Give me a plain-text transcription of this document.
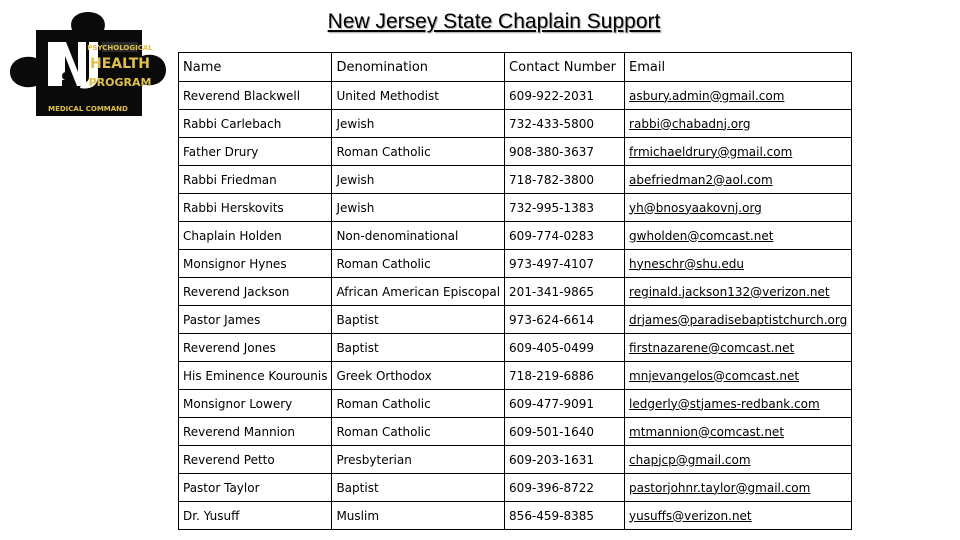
New Jersey State Chaplain Support
PSYCHOLOGICAL
HEALTH
PROGRAM
MEDICAL COMMAND
Name	Denomination	Contact Number	Email
Reverend Blackwell	United Methodist	609-922-2031	asbury.admin@gmail.com
Rabbi Carlebach	Jewish	732-433-5800	rabbi@chabadnj.org
Father Drury	Roman Catholic	908-380-3637	frmichaeldrury@gmail.com
Rabbi Friedman	Jewish	718-782-3800	abefriedman2@aol.com
Rabbi Herskovits	Jewish	732-995-1383	yh@bnosyaakovnj.org
Chaplain Holden	Non-denominational	609-774-0283	gwholden@comcast.net
Monsignor Hynes	Roman Catholic	973-497-4107	hyneschr@shu.edu
Reverend Jackson	African American Episcopal	201-341-9865	reginald.jackson132@verizon.net
Pastor James	Baptist	973-624-6614	drjames@paradisebaptistchurch.org
Reverend Jones	Baptist	609-405-0499	firstnazarene@comcast.net
His Eminence Kourounis	Greek Orthodox	718-219-6886	mnjevangelos@comcast.net
Monsignor Lowery	Roman Catholic	609-477-9091	ledgerly@stjames-redbank.com
Reverend Mannion	Roman Catholic	609-501-1640	mtmannion@comcast.net
Reverend Petto	Presbyterian	609-203-1631	chapjcp@gmail.com
Pastor Taylor	Baptist	609-396-8722	pastorjohnr.taylor@gmail.com
Dr. Yusuff	Muslim	856-459-8385	yusuffs@verizon.net
